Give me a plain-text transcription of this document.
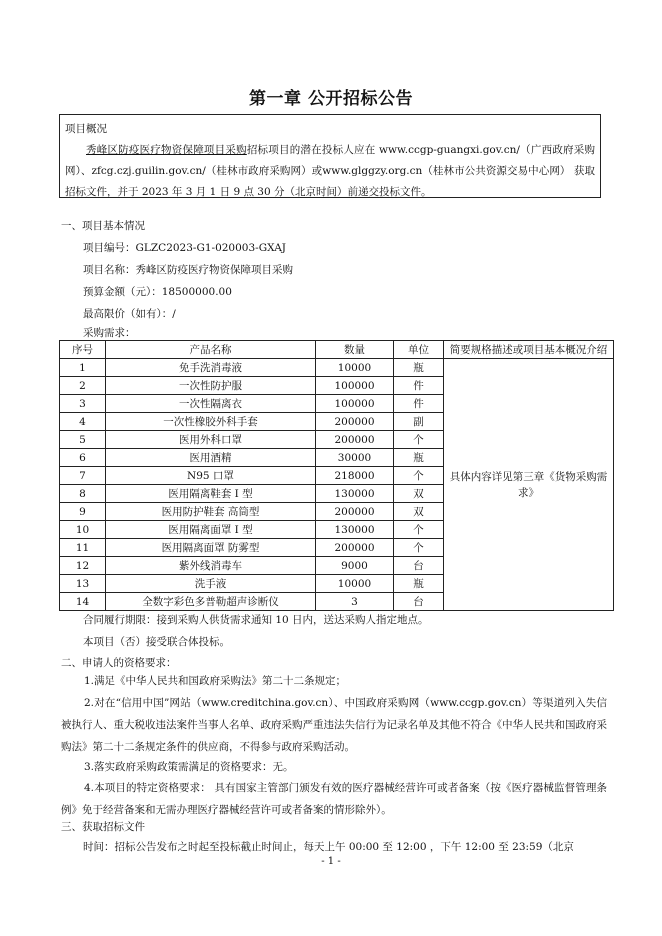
第一章 公开招标公告
项目概况
秀峰区防疫医疗物资保障项目采购招标项目的潜在投标人应在 www.ccgp-guangxi.gov.cn/（广西政府采购网）、zfcg.czj.guilin.gov.cn/（桂林市政府采购网）或www.glggzy.org.cn（桂林市公共资源交易中心网） 获取招标文件，并于 2023 年 3 月 1 日 9 点 30 分（北京时间）前递交投标文件。
一、项目基本情况
项目编号：GLZC2023-G1-020003-GXAJ
项目名称：秀峰区防疫医疗物资保障项目采购
预算金额（元）：18500000.00
最高限价（如有）：/
采购需求：
序号	产品名称	数量	单位	简要规格描述或项目基本概况介绍
1	免手洗消毒液	10000	瓶	具体内容详见第三章《货物采购需求》
2	一次性防护服	100000	件	
3	一次性隔离衣	100000	件	
4	一次性橡胶外科手套	200000	副	
5	医用外科口罩	200000	个	
6	医用酒精	30000	瓶	
7	N95 口罩	218000	个	
8	医用隔离鞋套 I 型	130000	双	
9	医用防护鞋套 高筒型	200000	双	
10	医用隔离面罩 I 型	130000	个	
11	医用隔离面罩 防雾型	200000	个	
12	紫外线消毒车	9000	台	
13	洗手液	10000	瓶	
14	全数字彩色多普勒超声诊断仪	3	台	
合同履行期限：接到采购人供货需求通知 10 日内，送达采购人指定地点。
本项目（否）接受联合体投标。
二、申请人的资格要求：
1.满足《中华人民共和国政府采购法》第二十二条规定；
2.对在“信用中国”网站（www.creditchina.gov.cn）、中国政府采购网（www.ccgp.gov.cn）等渠道列入失信被执行人、重大税收违法案件当事人名单、政府采购严重违法失信行为记录名单及其他不符合《中华人民共和国政府采购法》第二十二条规定条件的供应商，不得参与政府采购活动。
3.落实政府采购政策需满足的资格要求：无。
4.本项目的特定资格要求： 具有国家主管部门颁发有效的医疗器械经营许可或者备案（按《医疗器械监督管理条例》免于经营备案和无需办理医疗器械经营许可或者备案的情形除外）。
三、获取招标文件
时间：招标公告发布之时起至投标截止时间止，每天上午 00:00 至 12:00 ，下午 12:00 至 23:59（北京
- 1 -
